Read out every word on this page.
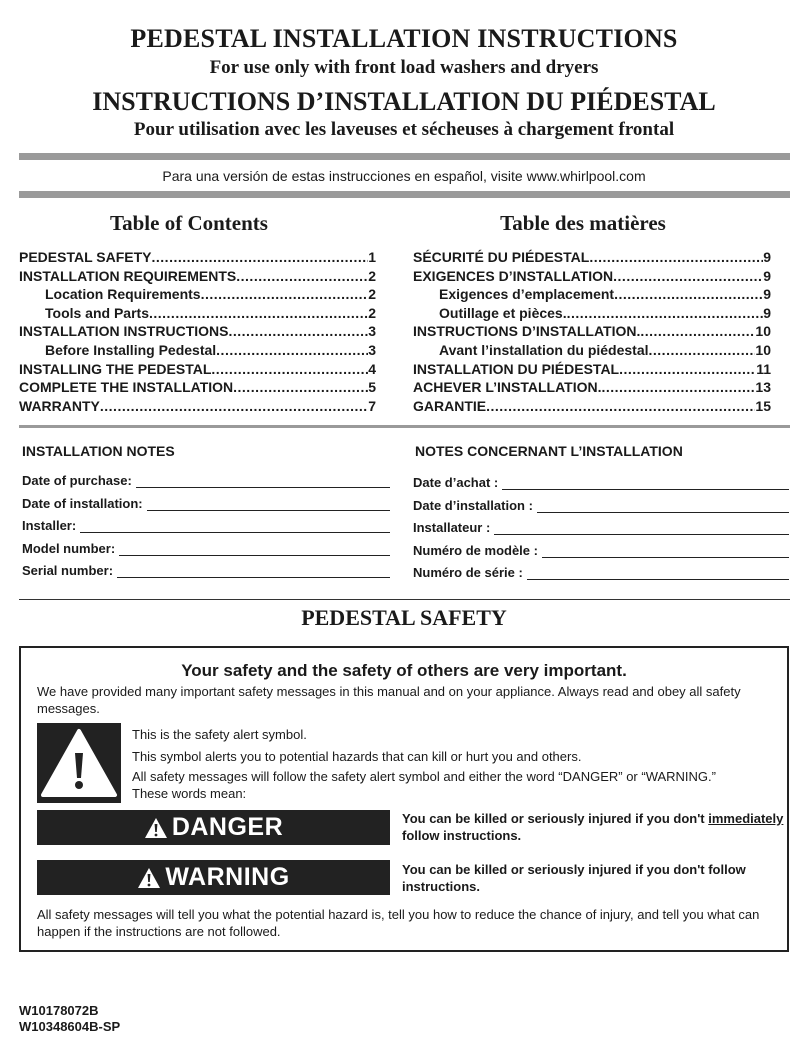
PEDESTAL INSTALLATION INSTRUCTIONS
For use only with front load washers and dryers
INSTRUCTIONS D’INSTALLATION DU PIÉDESTAL
Pour utilisation avec les laveuses et sécheuses à chargement frontal
Para una versión de estas instrucciones en español, visite www.whirlpool.com
Table of Contents	Table des matières
PEDESTAL SAFETY .....	1
INSTALLATION REQUIREMENTS .....	2
Location Requirements .....	2
Tools and Parts .....	2
INSTALLATION INSTRUCTIONS .....	3
Before Installing Pedestal .....	3
INSTALLING THE PEDESTAL .....	4
COMPLETE THE INSTALLATION .....	5
WARRANTY .....	7
SÉCURITÉ DU PIÉDESTAL .....	9
EXIGENCES D’INSTALLATION .....	9
Exigences d’emplacement .....	9
Outillage et pièces. .....	9
INSTRUCTIONS D’INSTALLATION. .....	10
Avant l’installation du piédestal .....	10
INSTALLATION DU PIÉDESTAL .....	11
ACHEVER L’INSTALLATION. .....	13
GARANTIE .....	15
INSTALLATION NOTES	NOTES CONCERNANT L’INSTALLATION
Date of purchase:
Date of installation:
Installer:
Model number:
Serial number:
Date d’achat :
Date d’installation :
Installateur :
Numéro de modèle :
Numéro de série :
PEDESTAL SAFETY
Your safety and the safety of others are very important.
We have provided many important safety messages in this manual and on your appliance. Always read and obey all safety messages.
This is the safety alert symbol.
This symbol alerts you to potential hazards that can kill or hurt you and others.
All safety messages will follow the safety alert symbol and either the word “DANGER” or “WARNING.”
These words mean:
DANGER	You can be killed or seriously injured if you don't immediately
follow instructions.
WARNING	You can be killed or seriously injured if you don't follow instructions.
All safety messages will tell you what the potential hazard is, tell you how to reduce the chance of injury, and tell you what can happen if the instructions are not followed.
W10178072B
W10348604B-SP
